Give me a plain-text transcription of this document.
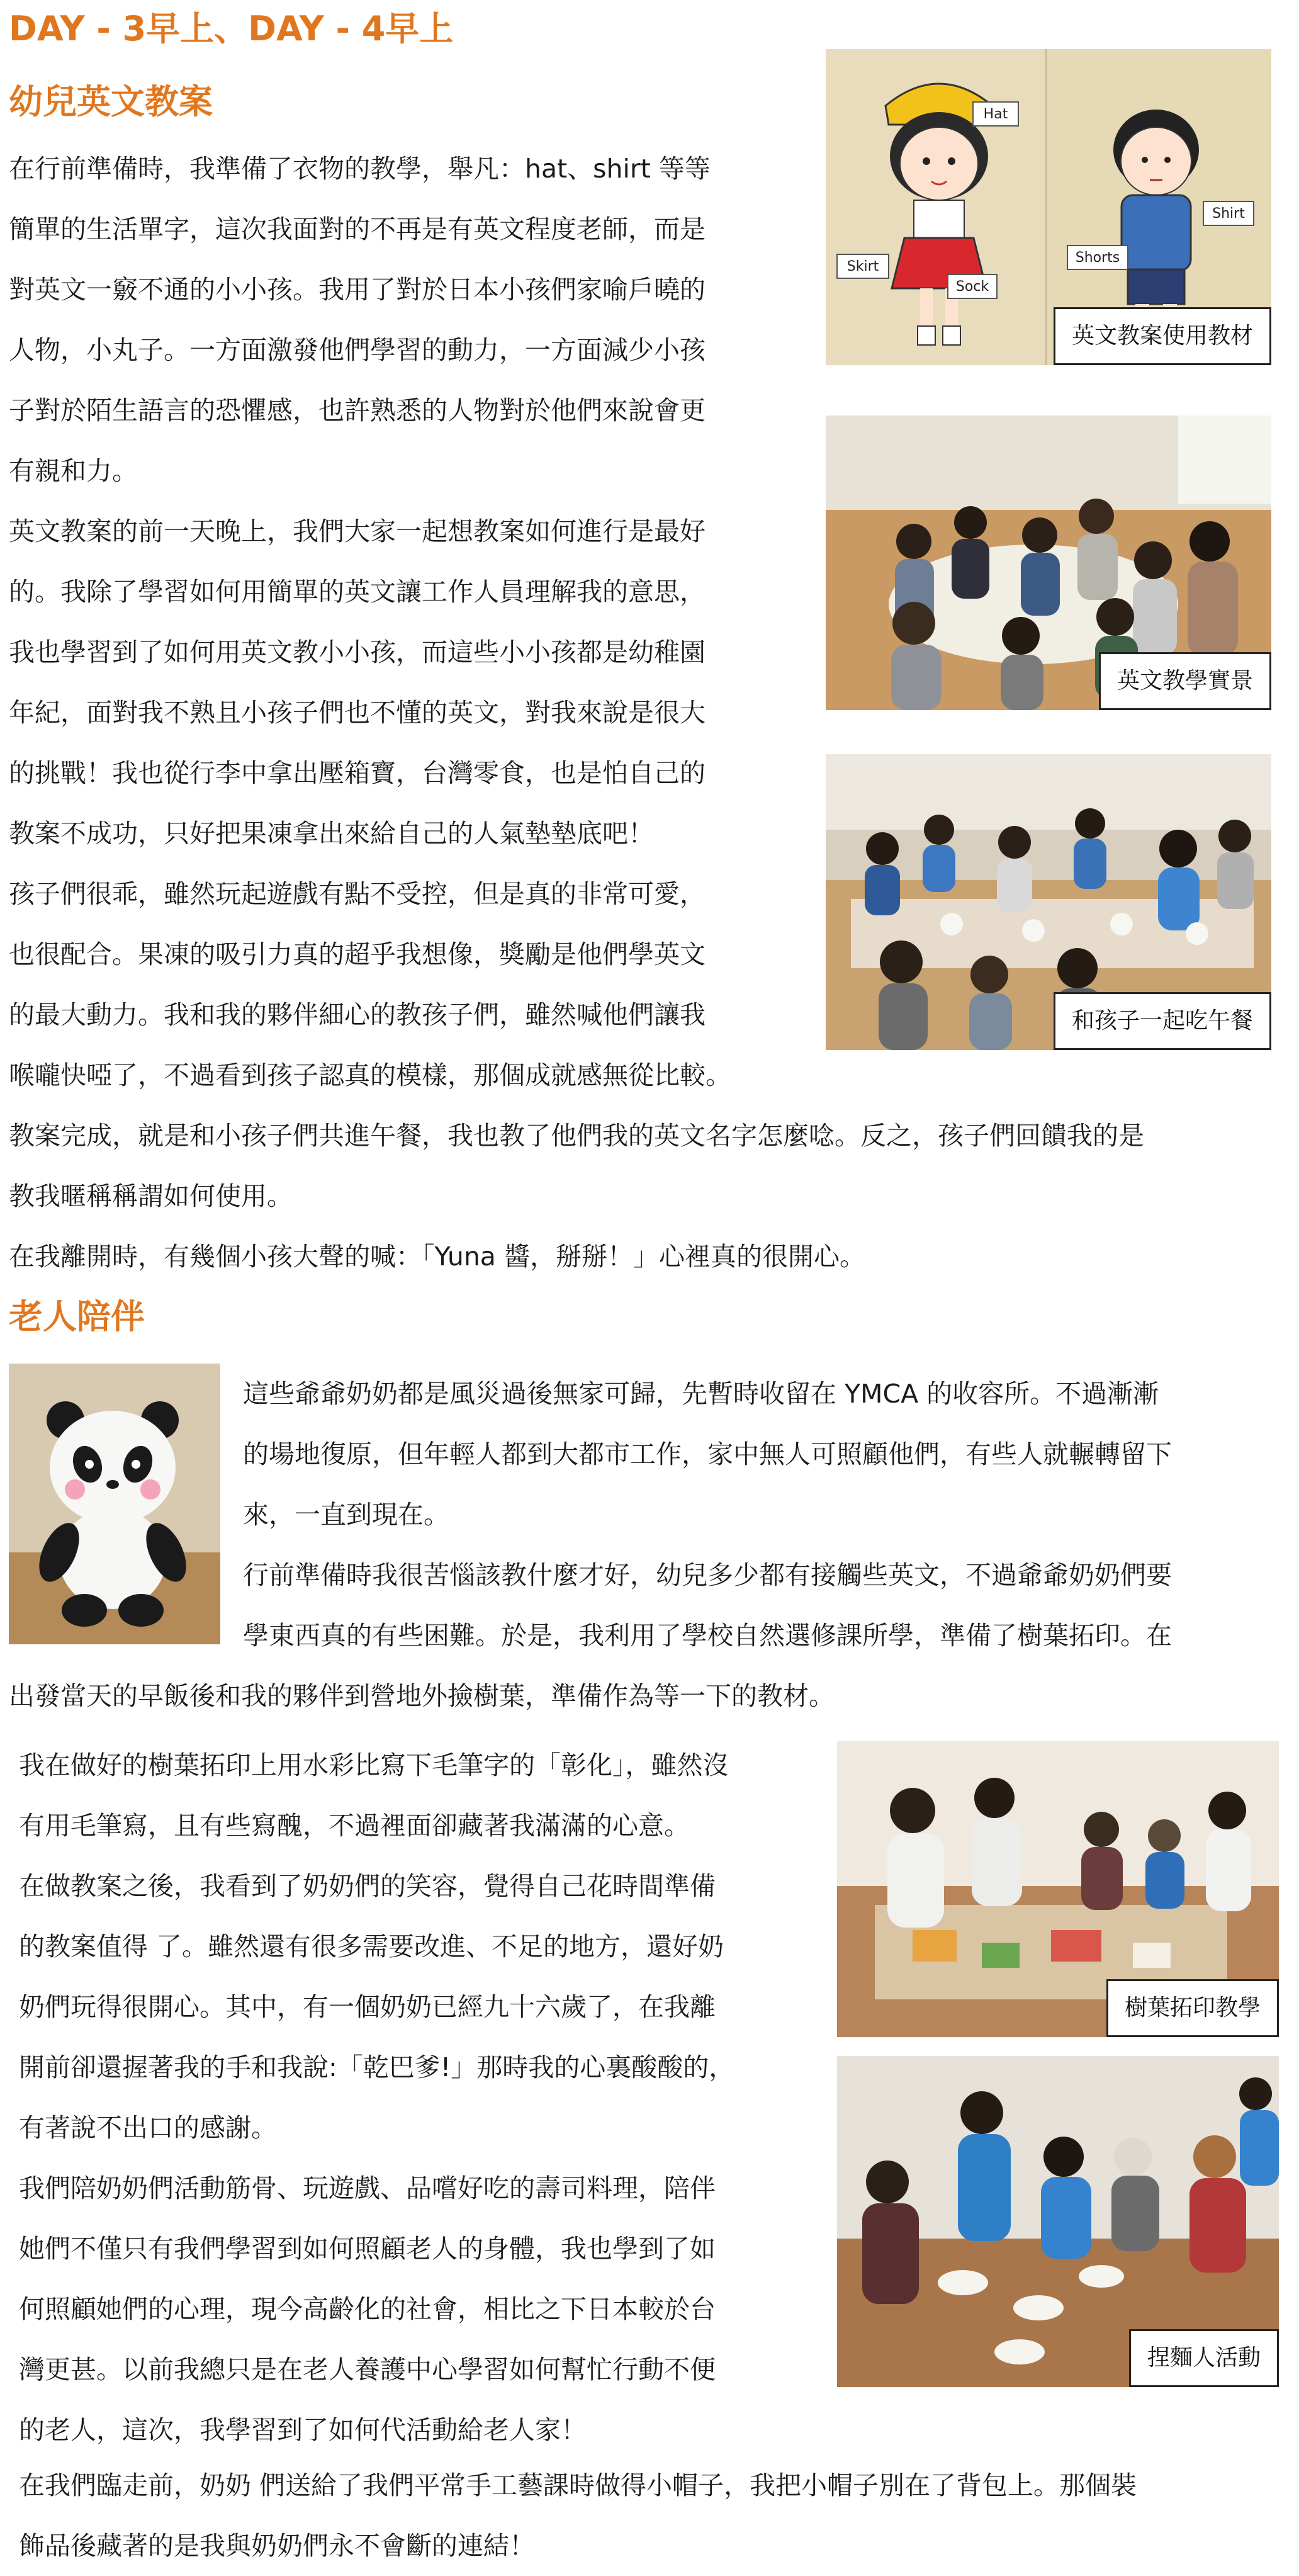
DAY - 3早上、DAY - 4早上
幼兒英文教案
在行前準備時，我準備了衣物的教學，舉凡：hat、shirt 等等
簡單的生活單字，這次我面對的不再是有英文程度老師，而是
對英文一竅不通的小小孩。我用了對於日本小孩們家喻戶曉的
人物，小丸子。一方面激發他們學習的動力，一方面減少小孩
子對於陌生語言的恐懼感，也許熟悉的人物對於他們來說會更
有親和力。
英文教案的前一天晚上，我們大家一起想教案如何進行是最好
的。我除了學習如何用簡單的英文讓工作人員理解我的意思，
我也學習到了如何用英文教小小孩，而這些小小孩都是幼稚園
年紀，面對我不熟且小孩子們也不懂的英文，對我來說是很大
的挑戰！我也從行李中拿出壓箱寶，台灣零食，也是怕自己的
教案不成功，只好把果凍拿出來給自己的人氣墊墊底吧！
孩子們很乖，雖然玩起遊戲有點不受控，但是真的非常可愛，
也很配合。果凍的吸引力真的超乎我想像，獎勵是他們學英文
的最大動力。我和我的夥伴細心的教孩子們，雖然喊他們讓我
喉嚨快啞了，不過看到孩子認真的模樣，那個成就感無從比較。
教案完成，就是和小孩子們共進午餐，我也教了他們我的英文名字怎麼唸。反之，孩子們回饋我的是
教我暱稱稱謂如何使用。
在我離開時，有幾個小孩大聲的喊：「Yuna 醬，掰掰！」心裡真的很開心。
Hat
Shirt
Skirt
Sock
Shorts
英文教案使用教材
英文教學實景
和孩子一起吃午餐
老人陪伴
這些爺爺奶奶都是風災過後無家可歸，先暫時收留在 YMCA 的收容所。不過漸漸
的場地復原，但年輕人都到大都市工作，家中無人可照顧他們，有些人就輾轉留下
來，一直到現在。
行前準備時我很苦惱該教什麼才好，幼兒多少都有接觸些英文，不過爺爺奶奶們要
學東西真的有些困難。於是，我利用了學校自然選修課所學，準備了樹葉拓印。在
出發當天的早飯後和我的夥伴到營地外撿樹葉，準備作為等一下的教材。
我在做好的樹葉拓印上用水彩比寫下毛筆字的「彰化」，雖然沒
有用毛筆寫，且有些寫醜，不過裡面卻藏著我滿滿的心意。
在做教案之後，我看到了奶奶們的笑容，覺得自己花時間準備
的教案值得 了。雖然還有很多需要改進、不足的地方，還好奶
奶們玩得很開心。其中，有一個奶奶已經九十六歲了，在我離
開前卻還握著我的手和我說:「乾巴爹!」那時我的心裏酸酸的，
有著說不出口的感謝。
我們陪奶奶們活動筋骨、玩遊戲、品嚐好吃的壽司料理，陪伴
她們不僅只有我們學習到如何照顧老人的身體，我也學到了如
何照顧她們的心理，現今高齡化的社會，相比之下日本較於台
灣更甚。以前我總只是在老人養護中心學習如何幫忙行動不便
的老人，這次，我學習到了如何代活動給老人家！
在我們臨走前，奶奶 們送給了我們平常手工藝課時做得小帽子，我把小帽子別在了背包上。那個裝
飾品後藏著的是我與奶奶們永不會斷的連結！
樹葉拓印教學
捏麵人活動
